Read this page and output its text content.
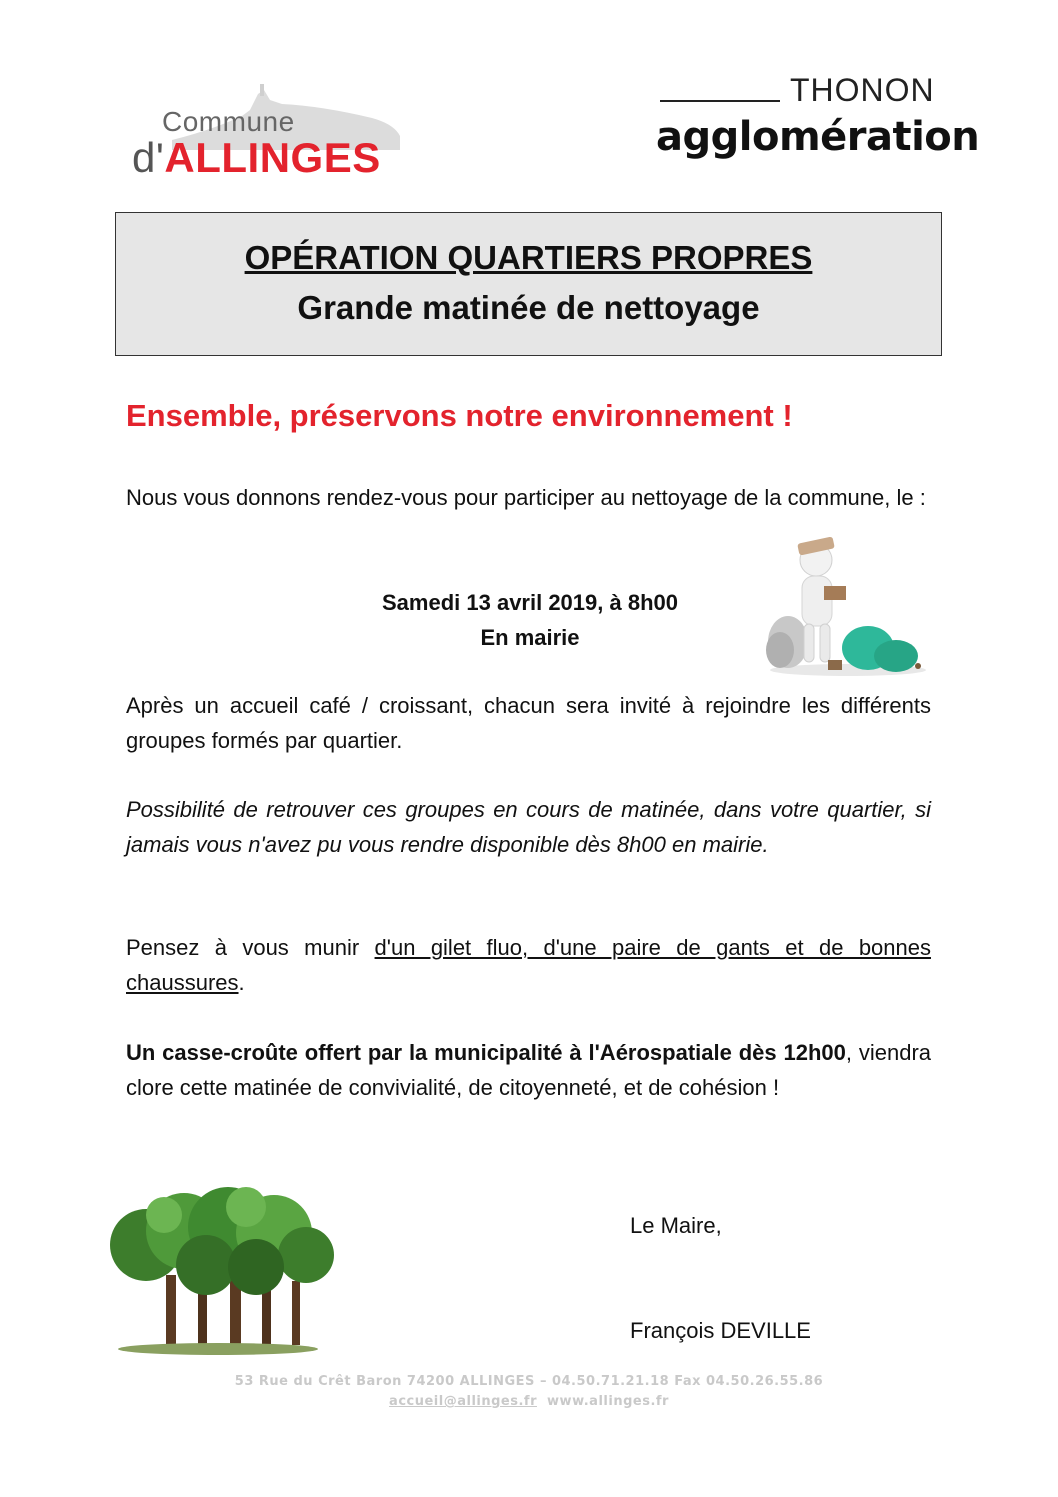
Commune
d'ALLINGES
THONON
agglomération
OPÉRATION QUARTIERS PROPRES
Grande matinée de nettoyage
Ensemble, préservons notre environnement !
Nous vous donnons rendez-vous pour participer au nettoyage de la commune, le :
Samedi 13 avril 2019, à 8h00
En mairie
Après un accueil café / croissant, chacun sera invité à rejoindre les différents groupes formés par quartier.
Possibilité de retrouver ces groupes en cours de matinée, dans votre quartier, si jamais vous n'avez pu vous rendre disponible dès 8h00 en mairie.
Pensez à vous munir d'un gilet fluo, d'une paire de gants et de bonnes chaussures.
Un casse-croûte offert par la municipalité à l'Aérospatiale dès 12h00, viendra clore cette matinée de convivialité, de citoyenneté, et de cohésion !
Le Maire,
François DEVILLE
53 Rue du Crêt Baron 74200 ALLINGES – 04.50.71.21.18 Fax 04.50.26.55.86
accueil@allinges.fr www.allinges.fr
